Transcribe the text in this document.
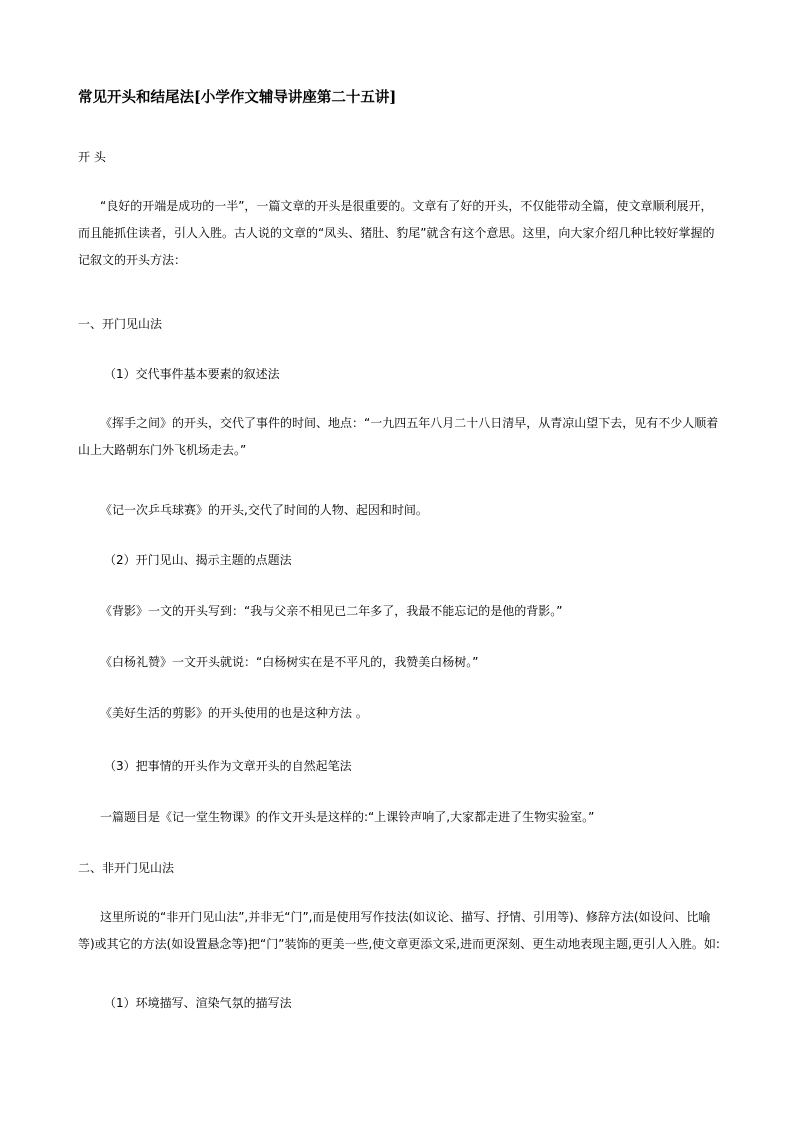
常见开头和结尾法[小学作文辅导讲座第二十五讲]
开 头
“良好的开端是成功的一半”，一篇文章的开头是很重要的。文章有了好的开头，不仅能带动全篇，使文章顺利展开，而且能抓住读者，引人入胜。古人说的文章的“凤头、猪肚、豹尾”就含有这个意思。这里，向大家介绍几种比较好掌握的记叙文的开头方法：
一、开门见山法
（1）交代事件基本要素的叙述法
《挥手之间》的开头，交代了事件的时间、地点：“一九四五年八月二十八日清早，从青凉山望下去，见有不少人顺着山上大路朝东门外飞机场走去。”
《记一次乒乓球赛》的开头,交代了时间的人物、起因和时间。
（2）开门见山、揭示主题的点题法
《背影》一文的开头写到：“我与父亲不相见已二年多了，我最不能忘记的是他的背影。”
《白杨礼赞》一文开头就说：“白杨树实在是不平凡的，我赞美白杨树。”
《美好生活的剪影》的开头使用的也是这种方法 。
（3）把事情的开头作为文章开头的自然起笔法
一篇题目是《记一堂生物课》的作文开头是这样的:“上课铃声响了,大家都走进了生物实验室。”
二、非开门见山法
这里所说的“非开门见山法”,并非无“门”,而是使用写作技法(如议论、描写、抒情、引用等)、修辞方法(如设问、比喻等)或其它的方法(如设置悬念等)把“门”装饰的更美一些,使文章更添文采,进而更深刻、更生动地表现主题,更引人入胜。如:
（1）环境描写、渲染气氛的描写法
